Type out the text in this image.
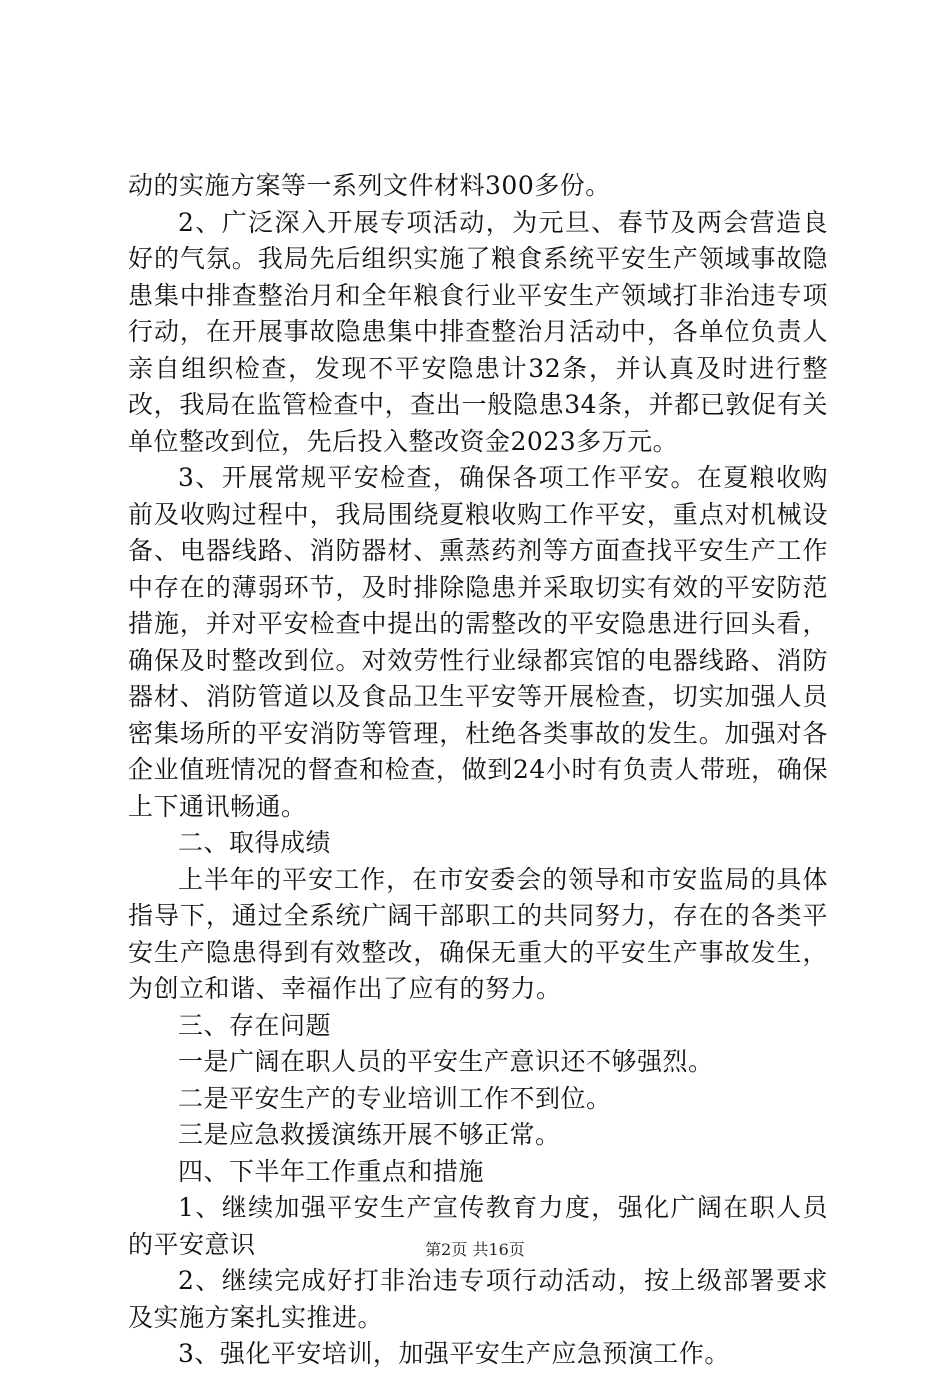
动的实施方案等一系列文件材料300多份。

2、广泛深入开展专项活动，为元旦、春节及两会营造良好的气氛。我局先后组织实施了粮食系统平安生产领域事故隐患集中排查整治月和全年粮食行业平安生产领域打非治违专项行动，在开展事故隐患集中排查整治月活动中，各单位负责人亲自组织检查，发现不平安隐患计32条，并认真及时进行整改，我局在监管检查中，查出一般隐患34条，并都已敦促有关单位整改到位，先后投入整改资金2023多万元。

3、开展常规平安检查，确保各项工作平安。在夏粮收购前及收购过程中，我局围绕夏粮收购工作平安，重点对机械设备、电器线路、消防器材、熏蒸药剂等方面查找平安生产工作中存在的薄弱环节，及时排除隐患并采取切实有效的平安防范措施，并对平安检查中提出的需整改的平安隐患进行回头看，确保及时整改到位。对效劳性行业绿都宾馆的电器线路、消防器材、消防管道以及食品卫生平安等开展检查，切实加强人员密集场所的平安消防等管理，杜绝各类事故的发生。加强对各企业值班情况的督查和检查，做到24小时有负责人带班，确保上下通讯畅通。

二、取得成绩

上半年的平安工作，在市安委会的领导和市安监局的具体指导下，通过全系统广阔干部职工的共同努力，存在的各类平安生产隐患得到有效整改，确保无重大的平安生产事故发生，为创立和谐、幸福作出了应有的努力。

三、存在问题

一是广阔在职人员的平安生产意识还不够强烈。

二是平安生产的专业培训工作不到位。

三是应急救援演练开展不够正常。

四、下半年工作重点和措施

1、继续加强平安生产宣传教育力度，强化广阔在职人员的平安意识

2、继续完成好打非治违专项行动活动，按上级部署要求及实施方案扎实推进。

3、强化平安培训，加强平安生产应急预演工作。

第2页 共16页
